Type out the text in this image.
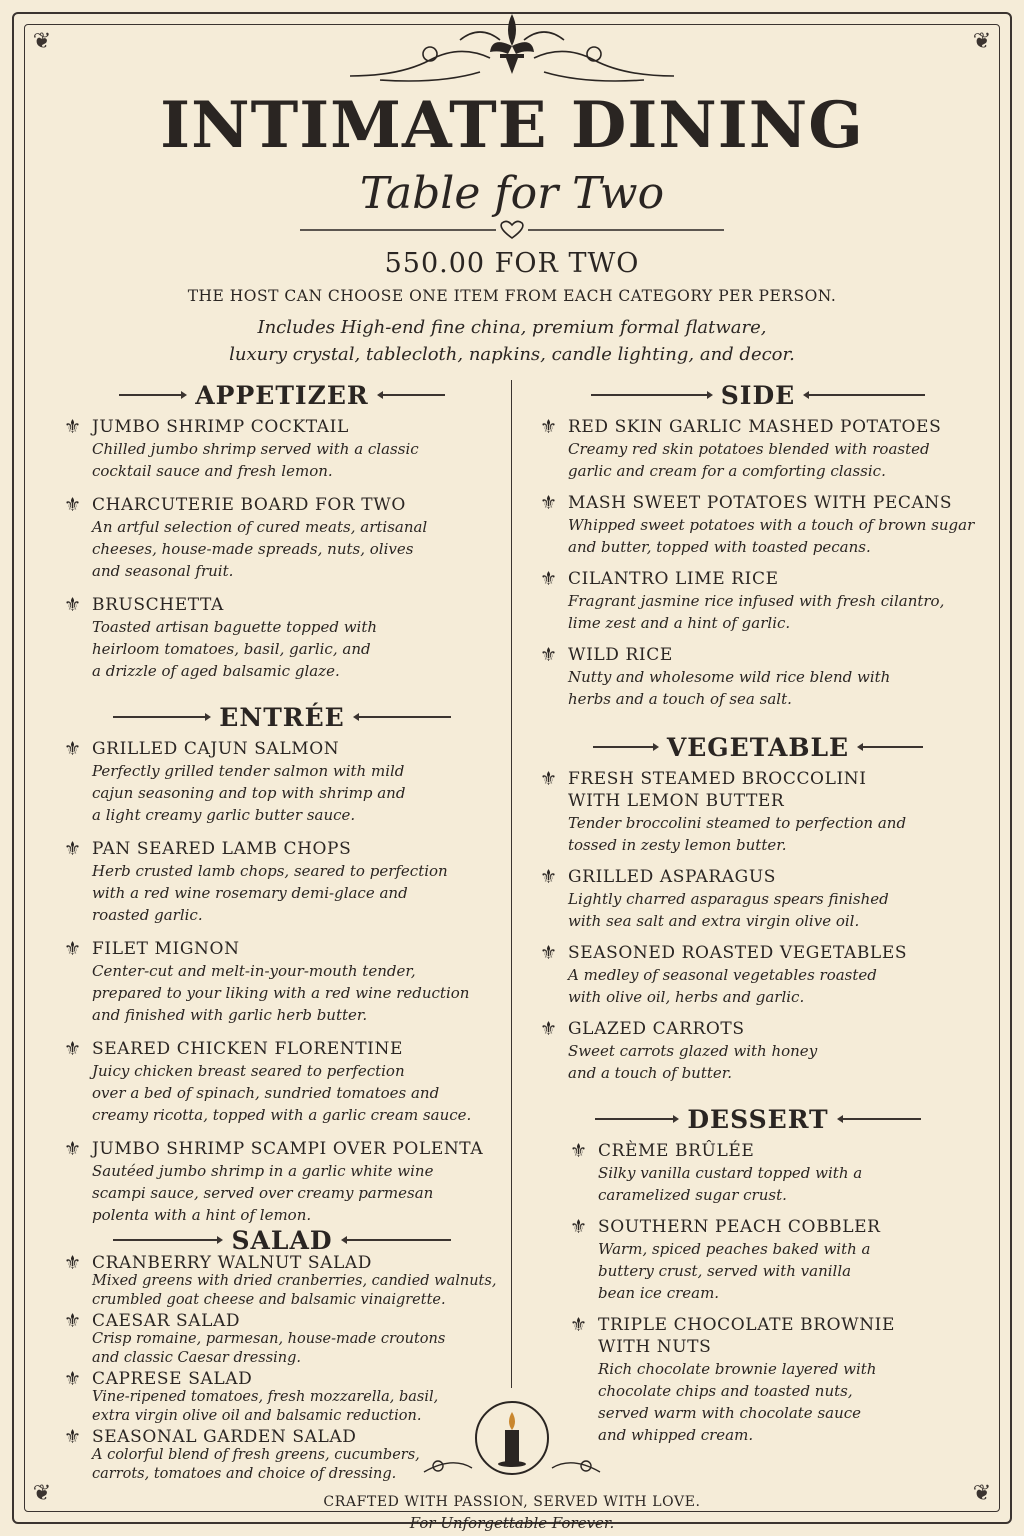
❦	❦
❦	❦
INTIMATE DINING
Table for Two
550.00 FOR TWO
THE HOST CAN CHOOSE ONE ITEM FROM EACH CATEGORY PER PERSON.
Includes High-end fine china, premium formal flatware,
luxury crystal, tablecloth, napkins, candle lighting, and decor.
APPETIZER
⚜ JUMBO SHRIMP COCKTAIL
Chilled jumbo shrimp served with a classic
cocktail sauce and fresh lemon.
⚜ CHARCUTERIE BOARD FOR TWO
An artful selection of cured meats, artisanal
cheeses, house-made spreads, nuts, olives
and seasonal fruit.
⚜ BRUSCHETTA
Toasted artisan baguette topped with
heirloom tomatoes, basil, garlic, and
a drizzle of aged balsamic glaze.
ENTRÉE
⚜ GRILLED CAJUN SALMON
Perfectly grilled tender salmon with mild
cajun seasoning and top with shrimp and
a light creamy garlic butter sauce.
⚜ PAN SEARED LAMB CHOPS
Herb crusted lamb chops, seared to perfection
with a red wine rosemary demi-glace and
roasted garlic.
⚜ FILET MIGNON
Center-cut and melt-in-your-mouth tender,
prepared to your liking with a red wine reduction
and finished with garlic herb butter.
⚜ SEARED CHICKEN FLORENTINE
Juicy chicken breast seared to perfection
over a bed of spinach, sundried tomatoes and
creamy ricotta, topped with a garlic cream sauce.
⚜ JUMBO SHRIMP SCAMPI OVER POLENTA
Sautéed jumbo shrimp in a garlic white wine
scampi sauce, served over creamy parmesan
polenta with a hint of lemon.
SALAD
⚜ CRANBERRY WALNUT SALAD
Mixed greens with dried cranberries, candied walnuts,
crumbled goat cheese and balsamic vinaigrette.
⚜ CAESAR SALAD
Crisp romaine, parmesan, house-made croutons
and classic Caesar dressing.
⚜ CAPRESE SALAD
Vine-ripened tomatoes, fresh mozzarella, basil,
extra virgin olive oil and balsamic reduction.
⚜ SEASONAL GARDEN SALAD
A colorful blend of fresh greens, cucumbers,
carrots, tomatoes and choice of dressing.
SIDE
⚜ RED SKIN GARLIC MASHED POTATOES
Creamy red skin potatoes blended with roasted
garlic and cream for a comforting classic.
⚜ MASH SWEET POTATOES WITH PECANS
Whipped sweet potatoes with a touch of brown sugar
and butter, topped with toasted pecans.
⚜ CILANTRO LIME RICE
Fragrant jasmine rice infused with fresh cilantro,
lime zest and a hint of garlic.
⚜ WILD RICE
Nutty and wholesome wild rice blend with
herbs and a touch of sea salt.
VEGETABLE
⚜ FRESH STEAMED BROCCOLINI
WITH LEMON BUTTER
Tender broccolini steamed to perfection and
tossed in zesty lemon butter.
⚜ GRILLED ASPARAGUS
Lightly charred asparagus spears finished
with sea salt and extra virgin olive oil.
⚜ SEASONED ROASTED VEGETABLES
A medley of seasonal vegetables roasted
with olive oil, herbs and garlic.
⚜ GLAZED CARROTS
Sweet carrots glazed with honey
and a touch of butter.
DESSERT
⚜ CRÈME BRÛLÉE
Silky vanilla custard topped with a
caramelized sugar crust.
⚜ SOUTHERN PEACH COBBLER
Warm, spiced peaches baked with a
buttery crust, served with vanilla
bean ice cream.
⚜ TRIPLE CHOCOLATE BROWNIE
WITH NUTS
Rich chocolate brownie layered with
chocolate chips and toasted nuts,
served warm with chocolate sauce
and whipped cream.
CRAFTED WITH PASSION, SERVED WITH LOVE.
For Unforgettable Forever.
